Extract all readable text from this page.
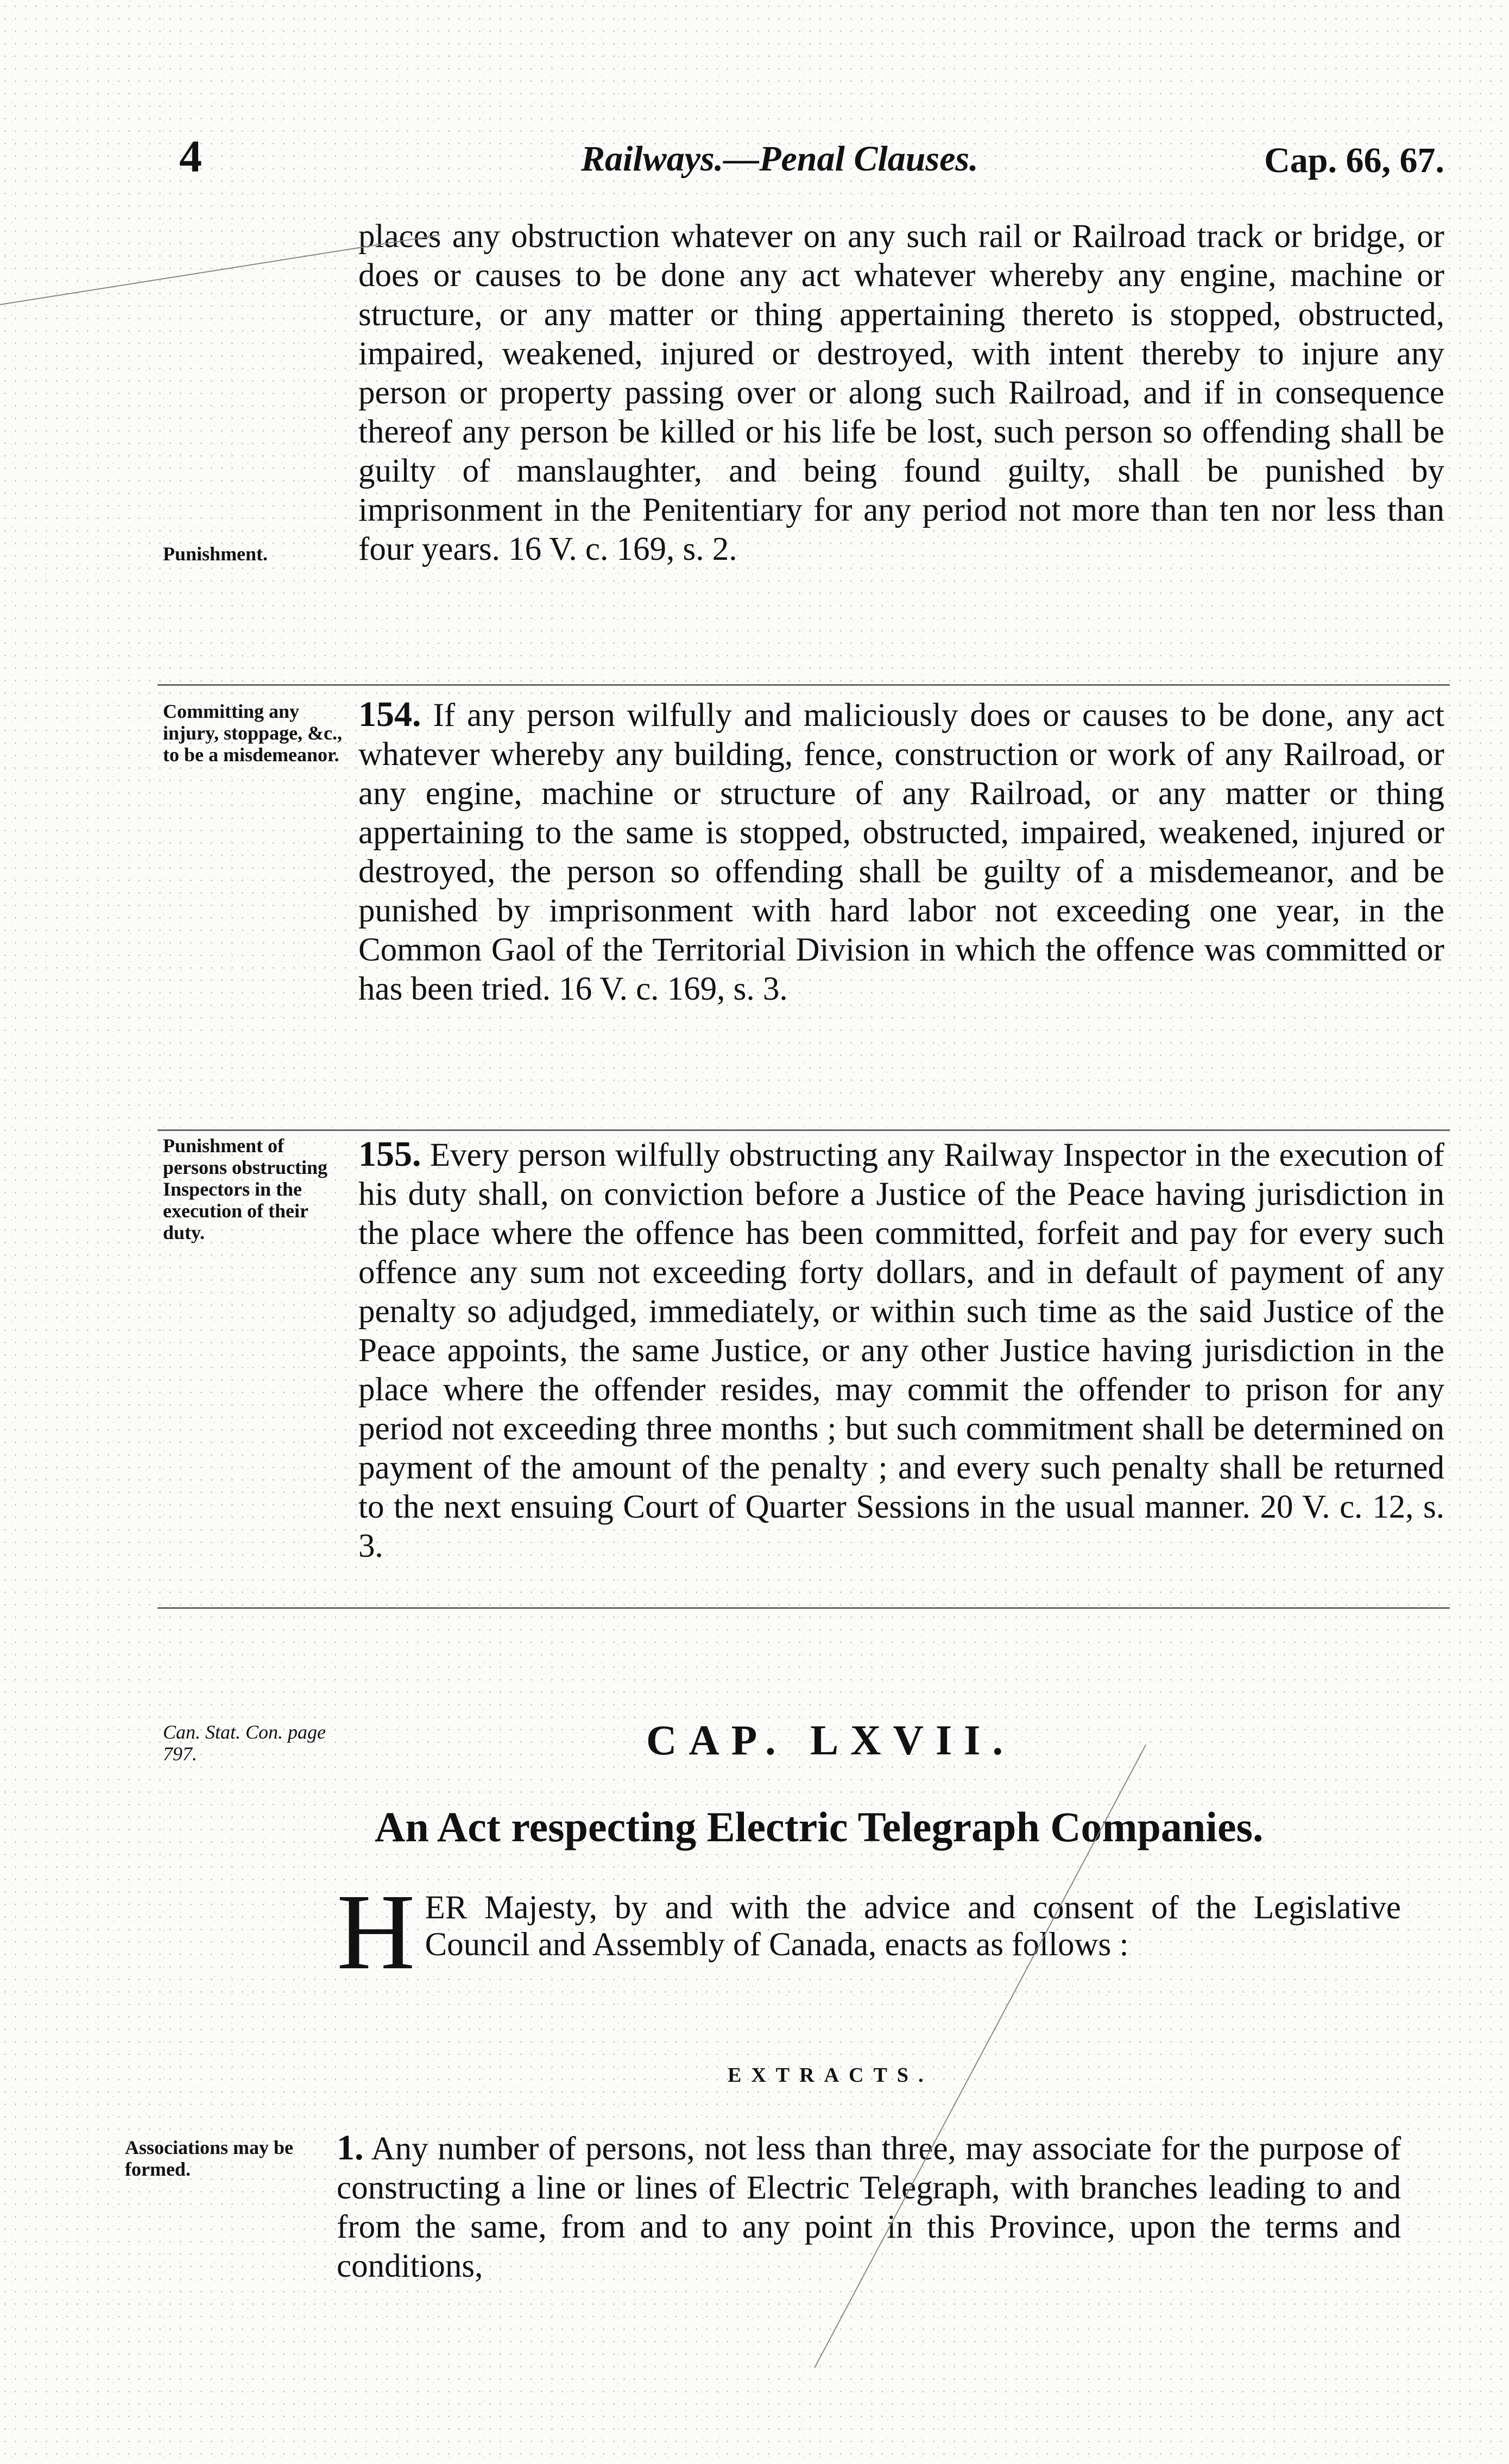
4	Railways.—Penal Clauses.	Cap. 66, 67.
places any obstruction whatever on any such rail or Railroad track or bridge, or does or causes to be done any act whatever whereby any engine, machine or structure, or any matter or thing appertaining thereto is stopped, obstructed, impaired, weakened, injured or destroyed, with intent thereby to injure any person or property passing over or along such Railroad, and if in consequence thereof any person be killed or his life be lost, such person so offending shall be guilty of manslaughter, and being found guilty, shall be punished by imprisonment in the Penitentiary for any period not more than ten nor less than four years. 16 V. c. 169, s. 2.
Punishment.
154. If any person wilfully and maliciously does or causes to be done, any act whatever whereby any building, fence, construction or work of any Railroad, or any engine, machine or structure of any Railroad, or any matter or thing appertaining to the same is stopped, obstructed, impaired, weakened, injured or destroyed, the person so offending shall be guilty of a misdemeanor, and be punished by imprisonment with hard labor not exceeding one year, in the Common Gaol of the Territorial Division in which the offence was committed or has been tried. 16 V. c. 169, s. 3.
Committing any injury, stoppage, &c., to be a misdemeanor.
155. Every person wilfully obstructing any Railway Inspector in the execution of his duty shall, on conviction before a Justice of the Peace having jurisdiction in the place where the offence has been committed, forfeit and pay for every such offence any sum not exceeding forty dollars, and in default of payment of any penalty so adjudged, immediately, or within such time as the said Justice of the Peace appoints, the same Justice, or any other Justice having jurisdiction in the place where the offender resides, may commit the offender to prison for any period not exceeding three months ; but such commitment shall be determined on payment of the amount of the penalty ; and every such penalty shall be returned to the next ensuing Court of Quarter Sessions in the usual manner. 20 V. c. 12, s. 3.
Punishment of persons obstructing Inspectors in the execution of their duty.
Can. Stat. Con. page 797.	CAP. LXVII.
An Act respecting Electric Telegraph Companies.
H ER Majesty, by and with the advice and consent of the Legislative Council and Assembly of Canada, enacts as follows :
EXTRACTS.
1. Any number of persons, not less than three, may associate for the purpose of constructing a line or lines of Electric Telegraph, with branches leading to and from the same, from and to any point in this Province, upon the terms and conditions,
Associations may be formed.
